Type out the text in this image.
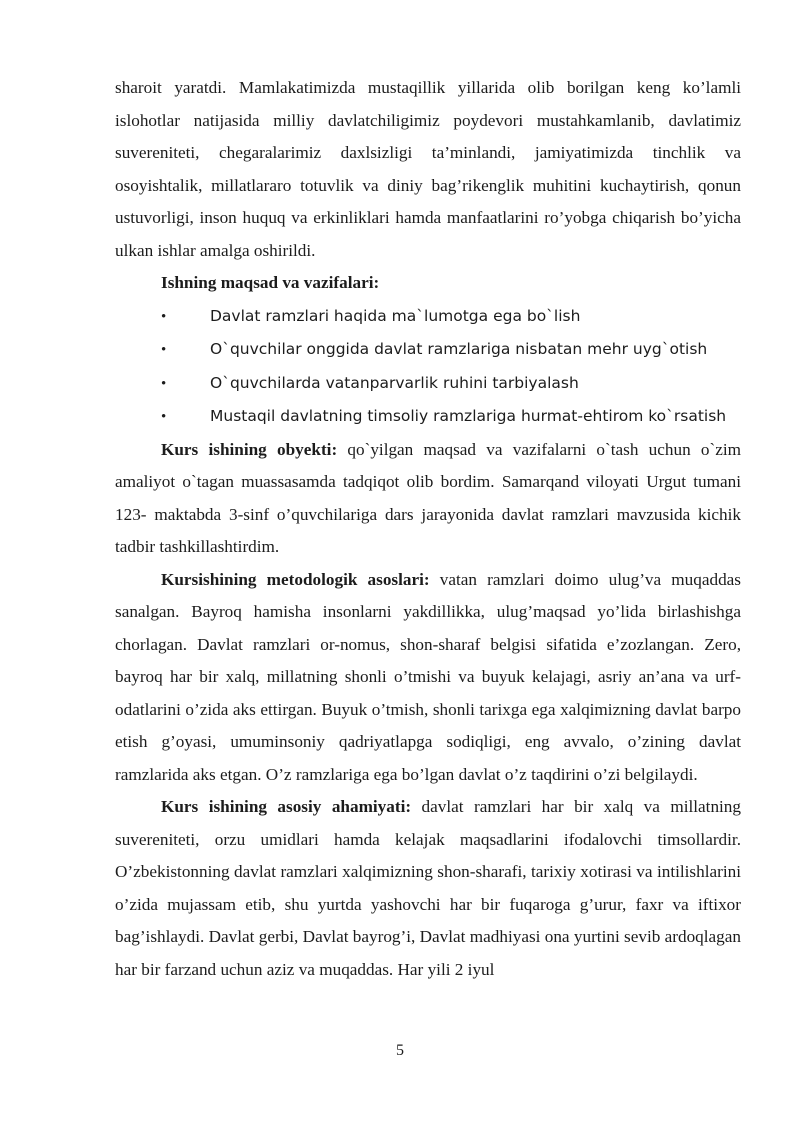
sharoit yaratdi. Mamlakatimizda mustaqillik yillarida olib borilgan keng ko’lamli islohotlar natijasida milliy davlatchiligimiz poydevori mustahkamlanib, davlatimiz suvereniteti, chegaralarimiz daxlsizligi ta’minlandi, jamiyatimizda tinchlik va osoyishtalik, millatlararo totuvlik va diniy bag’rikenglik muhitini kuchaytirish, qonun ustuvorligi, inson huquq va erkinliklari hamda manfaatlarini ro’yobga chiqarish bo’yicha ulkan ishlar amalga oshirildi.

Ishning maqsad va vazifalari:

•	Davlat ramzlari haqida ma`lumotga ega bo`lish
•	O`quvchilar onggida davlat ramzlariga nisbatan mehr uyg`otish
•	O`quvchilarda vatanparvarlik ruhini tarbiyalash
•	Mustaqil davlatning timsoliy ramzlariga hurmat-ehtirom ko`rsatish

Kurs ishining obyekti: qo`yilgan maqsad va vazifalarni o`tash uchun o`zim amaliyot o`tagan muassasamda tadqiqot olib bordim. Samarqand viloyati Urgut tumani 123- maktabda 3-sinf o’quvchilariga dars jarayonida davlat ramzlari mavzusida kichik tadbir tashkillashtirdim.

Kursishining metodologik asoslari: vatan ramzlari doimo ulug’va muqaddas sanalgan. Bayroq hamisha insonlarni yakdillikka, ulug’maqsad yo’lida birlashishga chorlagan. Davlat ramzlari or-nomus, shon-sharaf belgisi sifatida e’zozlangan. Zero, bayroq har bir xalq, millatning shonli o’tmishi va buyuk kelajagi, asriy an’ana va urf-odatlarini o’zida aks ettirgan. Buyuk o’tmish, shonli tarixga ega xalqimizning davlat barpo etish g’oyasi, umuminsoniy qadriyatlapga sodiqligi, eng avvalo, o’zining davlat ramzlarida aks etgan. O’z ramzlariga ega bo’lgan davlat o’z taqdirini o’zi belgilaydi.

Kurs ishining asosiy ahamiyati: davlat ramzlari har bir xalq va millatning suvereniteti, orzu umidlari hamda kelajak maqsadlarini ifodalovchi timsollardir. O’zbekistonning davlat ramzlari xalqimizning shon-sharafi, tarixiy xotirasi va intilishlarini o’zida mujassam etib, shu yurtda yashovchi har bir fuqaroga g’urur, faxr va iftixor bag’ishlaydi. Davlat gerbi, Davlat bayrog’i, Davlat madhiyasi ona yurtini sevib ardoqlagan har bir farzand uchun aziz va muqaddas. Har yili 2 iyul

5
